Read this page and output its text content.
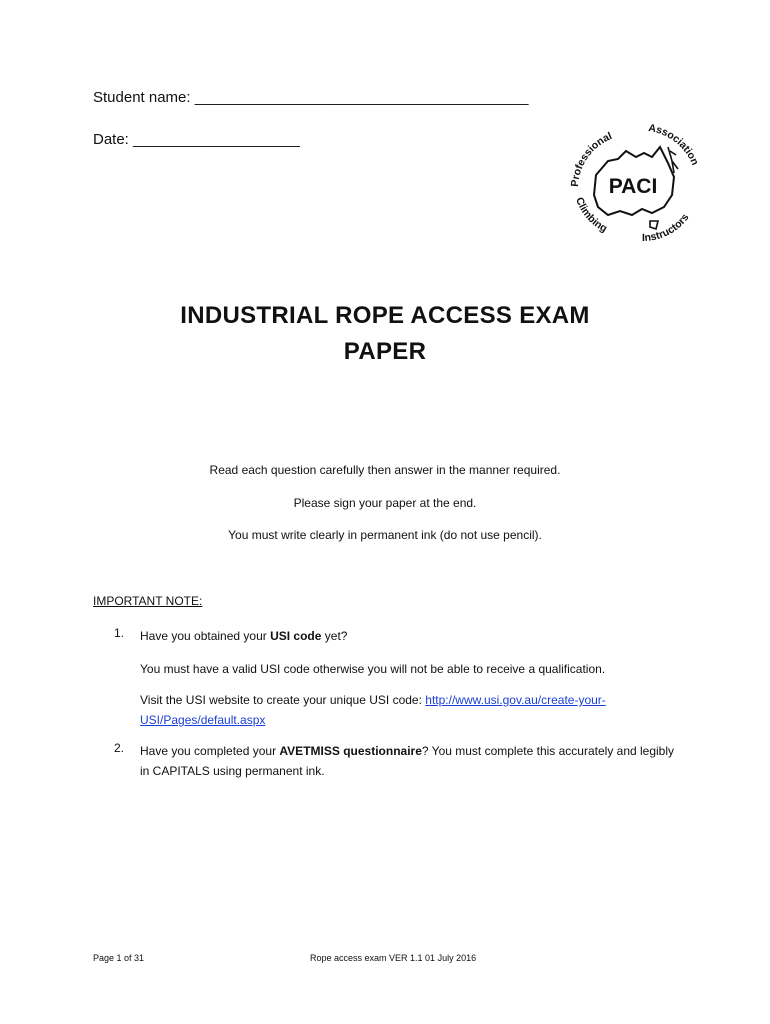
Student name: ________________________________________
Date: ____________________
PACI
Professional
Association
Climbing
Instructors
INDUSTRIAL ROPE ACCESS EXAM
PAPER
Read each question carefully then answer in the manner required.
Please sign your paper at the end.
You must write clearly in permanent ink (do not use pencil).
IMPORTANT NOTE:
1. Have you obtained your USI code yet?
You must have a valid USI code otherwise you will not be able to receive a qualification.
Visit the USI website to create your unique USI code: http://www.usi.gov.au/create-your-
USI/Pages/default.aspx
2. Have you completed your AVETMISS questionnaire? You must complete this accurately and legibly in CAPITALS using permanent ink.
Page 1 of 31	Rope access exam VER 1.1 01 July 2016
